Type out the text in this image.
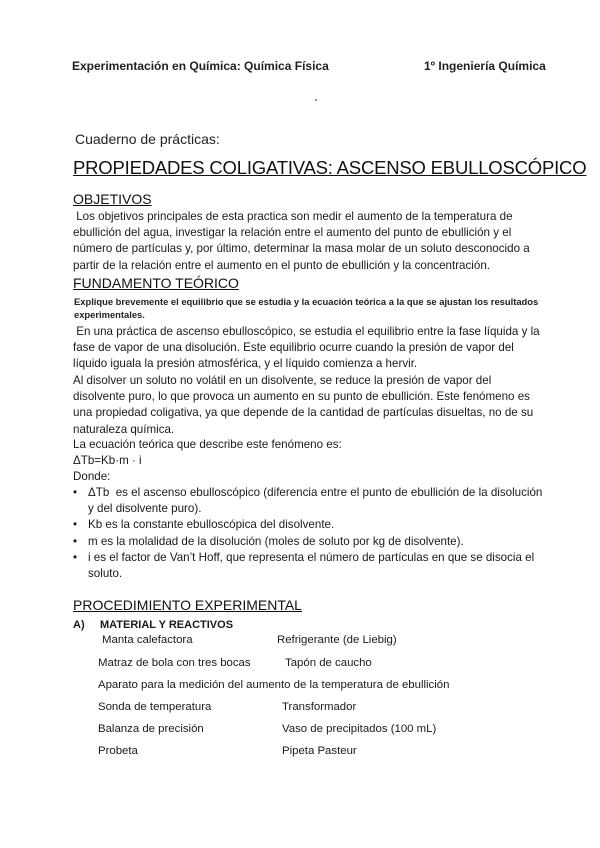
Experimentación en Química: Química Física	1º Ingeniería Química
Cuaderno de prácticas:
PROPIEDADES COLIGATIVAS: ASCENSO EBULLOSCÓPICO
OBJETIVOS
Los objetivos principales de esta practica son medir el aumento de la temperatura de
ebullición del agua, investigar la relación entre el aumento del punto de ebullición y el
número de partículas y, por último, determinar la masa molar de un soluto desconocido a
partir de la relación entre el aumento en el punto de ebullición y la concentración.
FUNDAMENTO TEÓRICO
Explique brevemente el equilibrio que se estudia y la ecuación teórica a la que se ajustan los resultados
experimentales.
En una práctica de ascenso ebulloscópico, se estudia el equilibrio entre la fase líquida y la
fase de vapor de una disolución. Este equilibrio ocurre cuando la presión de vapor del
líquido iguala la presión atmosférica, y el líquido comienza a hervir.
Al disolver un soluto no volátil en un disolvente, se reduce la presión de vapor del
disolvente puro, lo que provoca un aumento en su punto de ebullición. Este fenómeno es
una propiedad coligativa, ya que depende de la cantidad de partículas disueltas, no de su
naturaleza química.
La ecuación teórica que describe este fenómeno es:
ΔTb=Kb·m · i
Donde:
• ΔTb  es el ascenso ebulloscópico (diferencia entre el punto de ebullición de la disolución
y del disolvente puro).
• Kb es la constante ebulloscópica del disolvente.
• m es la molalidad de la disolución (moles de soluto por kg de disolvente).
• i es el factor de Van’t Hoff, que representa el número de partículas en que se disocia el
soluto.
PROCEDIMIENTO EXPERIMENTAL
A) MATERIAL Y REACTIVOS
Manta calefactora	Refrigerante (de Liebig)
Matraz de bola con tres bocas	Tapón de caucho
Aparato para la medición del aumento de la temperatura de ebullición
Sonda de temperatura	Transformador
Balanza de precisión	Vaso de precipitados (100 mL)
Probeta	Pipeta Pasteur
